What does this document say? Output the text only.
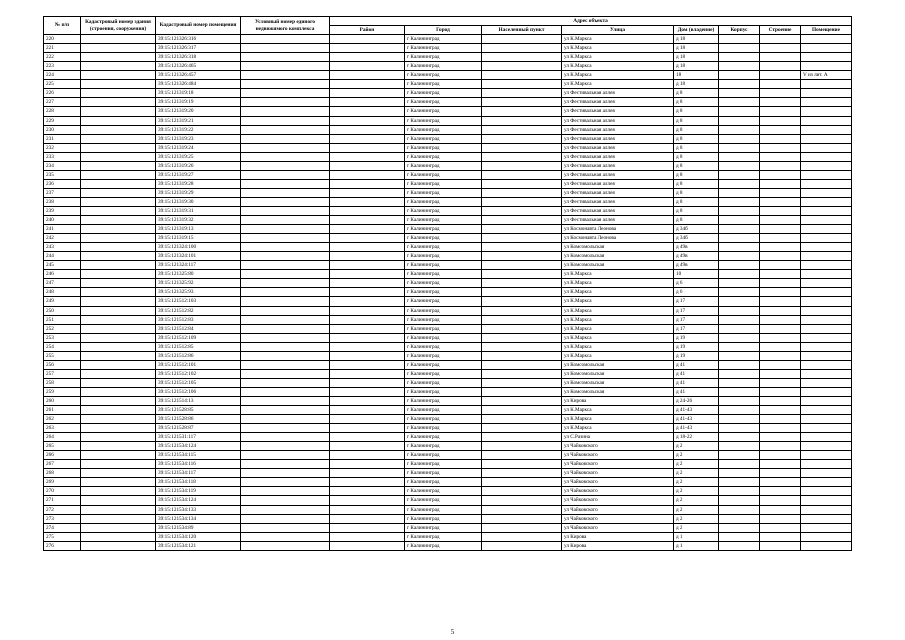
№ п/п	Кадастровый номер здания (строения, сооружения)	Кадастровый номер помещения	Условный номер единого недвижимого комплекса	Адрес объекта							
				Район	Город	Населенный пункт	Улица	Дом (владение)	Корпус	Строение	Помещение
220		39:15:121326:316			г Калининград		ул К.Маркса	д 18			
221		39:15:121326:317			г Калининград		ул К.Маркса	д 18			
222		39:15:121326:318			г Калининград		ул К.Маркса	д 18			
223		39:15:121326:465			г Калининград		ул К.Маркса	д 18			
224		39:15:121326:457			г Калининград		ул К.Маркса	18			V из лит. А
225		39:15:121326:484			г Калининград		ул К.Маркса	д 18			
226		39:15:121319:18			г Калининград		ул Фестивальная аллея	д 8			
227		39:15:121319:19			г Калининград		ул Фестивальная аллея	д 8			
228		39:15:121319:20			г Калининград		ул Фестивальная аллея	д 8			
229		39:15:121319:21			г Калининград		ул Фестивальная аллея	д 8			
230		39:15:121319:22			г Калининград		ул Фестивальная аллея	д 8			
231		39:15:121319:23			г Калининград		ул Фестивальная аллея	д 8			
232		39:15:121319:24			г Калининград		ул Фестивальная аллея	д 8			
233		39:15:121319:25			г Калининград		ул Фестивальная аллея	д 8			
234		39:15:121319:26			г Калининград		ул Фестивальная аллея	д 8			
235		39:15:121319:27			г Калининград		ул Фестивальная аллея	д 8			
236		39:15:121319:28			г Калининград		ул Фестивальная аллея	д 8			
237		39:15:121319:29			г Калининград		ул Фестивальная аллея	д 8			
238		39:15:121319:30			г Калининград		ул Фестивальная аллея	д 8			
239		39:15:121319:31			г Калининград		ул Фестивальная аллея	д 8			
240		39:15:121319:32			г Калининград		ул Фестивальная аллея	д 8			
241		39:15:121319:13			г Калининград		ул Космонавта Леонова	д 34б			
242		39:15:121319:15			г Калининград		ул Космонавта Леонова	д 34б			
243		39:15:121324:100			г Калининград		ул Комсомольская	д 49в			
244		39:15:121324:101			г Калининград		ул Комсомольская	д 49в			
245		39:15:121324:117			г Калининград		ул Комсомольская	д 49в			
246		39:15:121325:80			г Калининград		ул К.Маркса	10			
247		39:15:121325:92			г Калининград		ул К.Маркса	д 6			
248		39:15:121325:93			г Калининград		ул К.Маркса	д 6			
249		39:15:121512:103			г Калининград		ул К.Маркса	д 17			
250		39:15:121512:82			г Калининград		ул К.Маркса	д 17			
251		39:15:121512:83			г Калининград		ул К.Маркса	д 17			
252		39:15:121512:84			г Калининград		ул К.Маркса	д 17			
253		39:15:121512:109			г Калининград		ул К.Маркса	д 19			
254		39:15:121512:85			г Калининград		ул К.Маркса	д 19			
255		39:15:121512:86			г Калининград		ул К.Маркса	д 19			
256		39:15:121512:101			г Калининград		ул Комсомольская	д 41			
257		39:15:121512:102			г Калининград		ул Комсомольская	д 41			
258		39:15:121512:105			г Калининград		ул Комсомольская	д 41			
259		39:15:121512:106			г Калининград		ул Комсомольская	д 41			
260		39:15:121514:13			г Калининград		ул Кирова	д 24-26			
261		39:15:121528:85			г Калининград		ул К.Маркса	д 41-43			
262		39:15:121528:86			г Калининград		ул К.Маркса	д 41-43			
263		39:15:121528:87			г Калининград		ул К.Маркса	д 41-43			
264		39:15:121531:117			г Калининград		ул С.Разина	д 18-22			
265		39:15:121534:124			г Калининград		ул Чайковского	д 2			
266		39:15:121534:115			г Калининград		ул Чайковского	д 2			
267		39:15:121534:116			г Калининград		ул Чайковского	д 2			
268		39:15:121534:117			г Калининград		ул Чайковского	д 2			
269		39:15:121534:118			г Калининград		ул Чайковского	д 2			
270		39:15:121534:119			г Калининград		ул Чайковского	д 2			
271		39:15:121534:124			г Калининград		ул Чайковского	д 2			
272		39:15:121534:133			г Калининград		ул Чайковского	д 2			
273		39:15:121534:134			г Калининград		ул Чайковского	д 2			
274		39:15:121534:89			г Калининград		ул Чайковского	д 2			
275		39:15:121534:120			г Калининград		ул Кирова	д 1			
276		39:15:121534:121			г Калининград		ул Кирова	д 1			
5
